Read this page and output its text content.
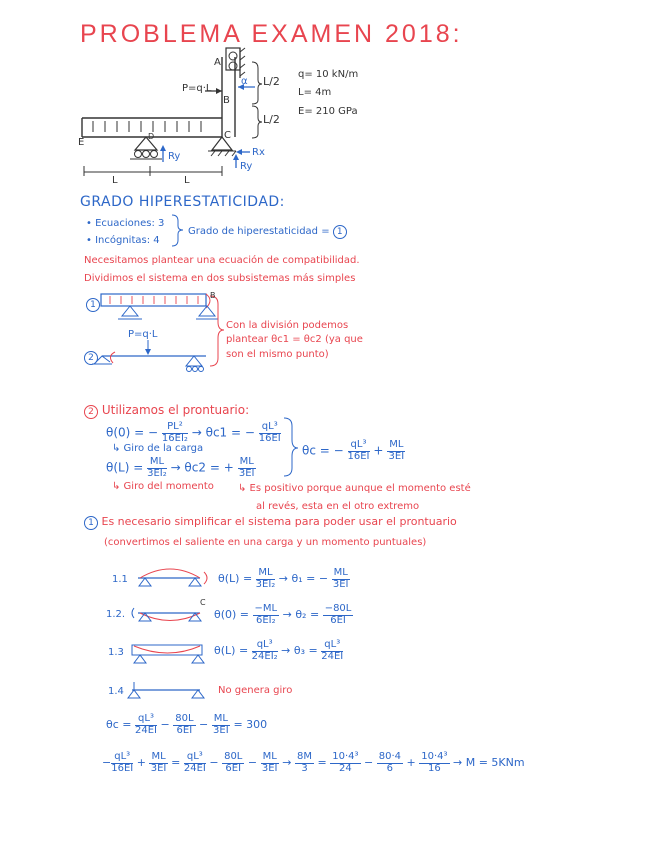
PROBLEMA EXAMEN 2018:
A
B
C
D
E
P=q·L
α L/2
L/2
Ry	Rx
Ry
L	L
q= 10 kN/m
L= 4m
E= 210 GPa
GRADO HIPERESTATICIDAD:
• Ecuaciones: 3
• Incógnitas: 4
Grado de hiperestaticidad = 1
Necesitamos plantear una ecuación de compatibilidad.
Dividimos el sistema en dos subsistemas más simples
1
2
P=q·L
B
Con la división podemos
plantear θc1 = θc2 (ya que
son el mismo punto)
2 Utilizamos el prontuario:
θ(0) = − $\frac{\text{PL²}}{\text{16EI₂}} \to \theta c1$ = − $\frac{\text{qL³}}{16EI}$
↳ Giro de la carga
$\theta(L) = \frac{ML}{\text{3EI₂}} \to \theta c2$ = + $\frac{ML}{3EI}$
↳ Giro del momento
θc = − $\frac{\text{qL³}}{16EI} + \frac{ML}{3EI}$
↳ Es positivo porque aunque el momento esté
al revés, esta en el otro extremo
1 Es necesario simplificar el sistema para poder usar el prontuario
(convertimos el saliente en una carga y un momento puntuales)
1.1	$\theta(L) = \frac{ML}{\text{3EI₂}} \to \theta_1$ = − $\frac{ML}{3EI}$
1.2.
C
$\theta(0) = \frac{-ML}{\text{6EI₂}} \to \theta_2 = \frac{-80L}{6EI}$
1.3	$\theta(L) = \frac{\text{qL³}}{\text{24EI₂}} \to \theta_3 = \frac{\text{qL³}}{24EI}$
1.4	No genera giro
$\theta c = \frac{\text{qL³}}{24EI} - \frac{80L}{6EI} - \frac{ML}{3EI} = 300$
− $\frac{\text{qL³}}{16EI} + \frac{ML}{3EI} = \frac{\text{qL³}}{24EI} - \frac{80L}{6EI} - \frac{ML}{3EI} \to \frac{8M}{3} = \frac{\text{10·4³}}{24} - \frac{80\cdot 4}{6} + \frac{\text{10·4³}}{16} \to M = 5KNm$
